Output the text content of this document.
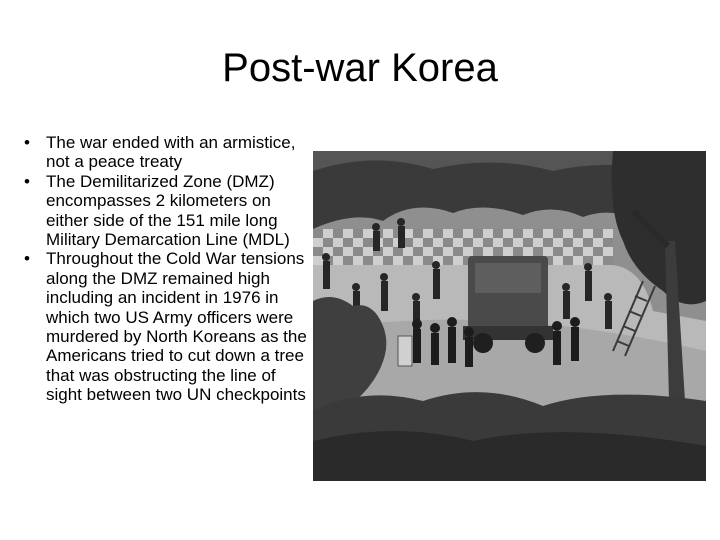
Post-war Korea
• The war ended with an armistice, not a peace treaty
• The Demilitarized Zone (DMZ) encompasses 2 kilometers on either side of the 151 mile long Military Demarcation Line (MDL)
• Throughout the Cold War tensions along the DMZ remained high including an incident in 1976 in which two US Army officers were murdered by North Koreans as the Americans tried to cut down a tree that was obstructing the line of sight between two UN checkpoints
